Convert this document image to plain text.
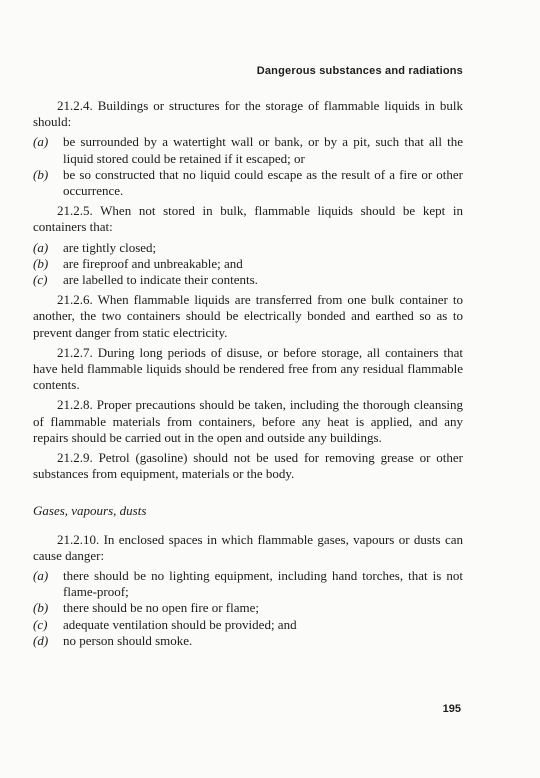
Dangerous substances and radiations

21.2.4. Buildings or structures for the storage of flammable liquids in bulk should:

(a) be surrounded by a watertight wall or bank, or by a pit, such that all the liquid stored could be retained if it escaped; or

(b) be so constructed that no liquid could escape as the result of a fire or other occurrence.

21.2.5. When not stored in bulk, flammable liquids should be kept in containers that:

(a) are tightly closed;

(b) are fireproof and unbreakable; and

(c) are labelled to indicate their contents.

21.2.6. When flammable liquids are transferred from one bulk container to another, the two containers should be electrically bonded and earthed so as to prevent danger from static electricity.

21.2.7. During long periods of disuse, or before storage, all containers that have held flammable liquids should be rendered free from any residual flammable contents.

21.2.8. Proper precautions should be taken, including the thorough cleansing of flammable materials from containers, before any heat is applied, and any repairs should be carried out in the open and outside any buildings.

21.2.9. Petrol (gasoline) should not be used for removing grease or other substances from equipment, materials or the body.

Gases, vapours, dusts

21.2.10. In enclosed spaces in which flammable gases, vapours or dusts can cause danger:

(a) there should be no lighting equipment, including hand torches, that is not flame-proof;

(b) there should be no open fire or flame;

(c) adequate ventilation should be provided; and

(d) no person should smoke.

195
